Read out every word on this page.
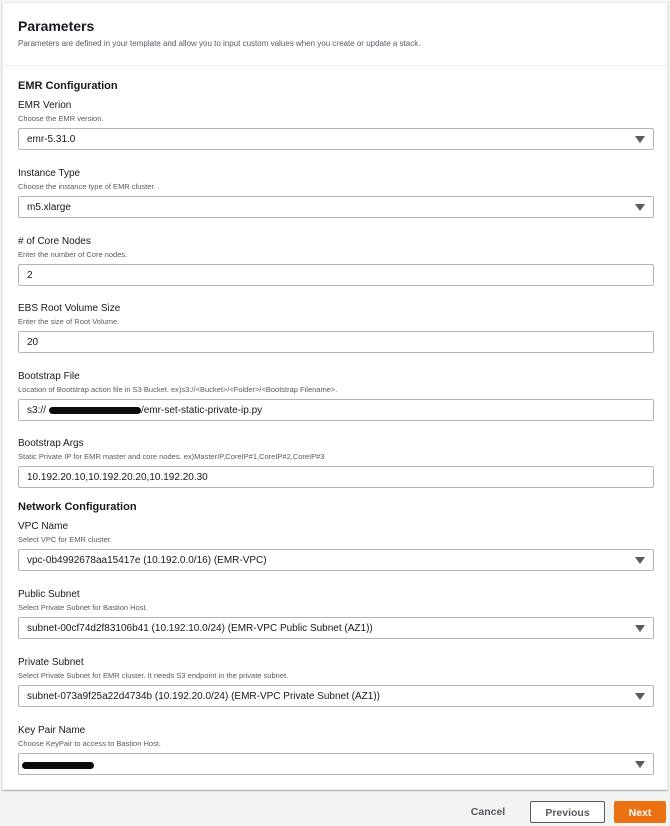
Parameters
Parameters are defined in your template and allow you to input custom values when you create or update a stack.
EMR Configuration
EMR Verion
Choose the EMR version.
emr-5.31.0
Instance Type
Choose the instance type of EMR cluster.
m5.xlarge
# of Core Nodes
Enter the number of Core nodes.
2
EBS Root Volume Size
Enter the size of Root Volume.
20
Bootstrap File
Location of Bootstrap action file in S3 Bucket. ex)s3://<Bucket>/<Folder>/<Bootstrap Filename>.
s3://	/emr-set-static-private-ip.py
Bootstrap Args
Static Private IP for EMR master and core nodes. ex)MasterIP,CoreIP#1,CoreIP#2,CoreIP#3
10.192.20.10,10.192.20.20,10.192.20.30
Network Configuration
VPC Name
Select VPC for EMR cluster.
vpc-0b4992678aa15417e (10.192.0.0/16) (EMR-VPC)
Public Subnet
Select Private Subnet for Bastion Host.
subnet-00cf74d2f83106b41 (10.192.10.0/24) (EMR-VPC Public Subnet (AZ1))
Private Subnet
Select Private Subnet for EMR cluster. It needs S3 endpoint in the private subnet.
subnet-073a9f25a22d4734b (10.192.20.0/24) (EMR-VPC Private Subnet (AZ1))
Key Pair Name
Choose KeyPair to access to Bastion Host.
Cancel	Previous	Next
